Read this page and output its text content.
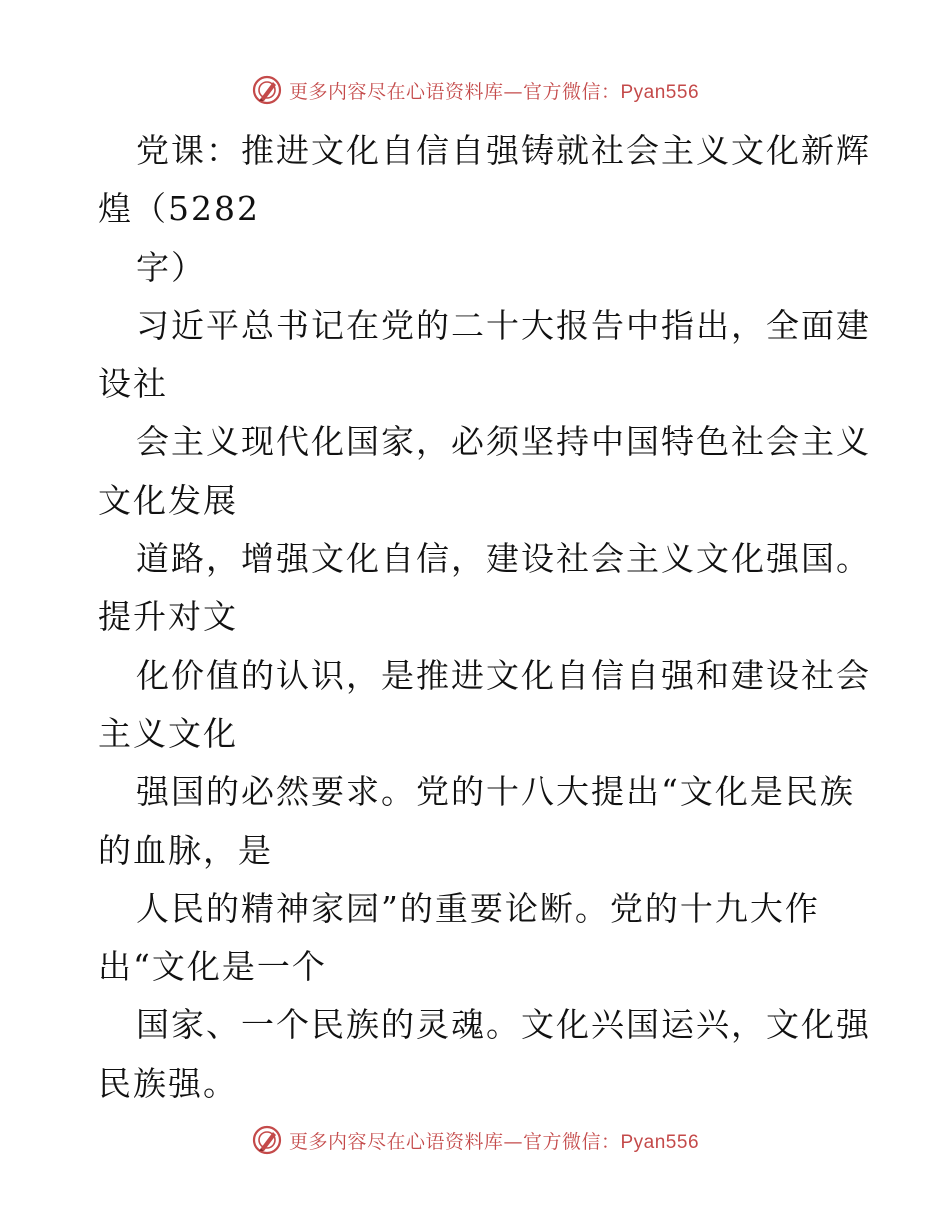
更多内容尽在心语资料库—官方微信：Pyan556
党课：推进文化自信自强铸就社会主义文化新辉
煌（5282
字）
习近平总书记在党的二十大报告中指出，全面建
设社
会主义现代化国家，必须坚持中国特色社会主义
文化发展
道路，增强文化自信，建设社会主义文化强国。
提升对文
化价值的认识，是推进文化自信自强和建设社会
主义文化
强国的必然要求。党的十八大提出“文化是民族
的血脉，是
人民的精神家园”的重要论断。党的十九大作
出“文化是一个
国家、一个民族的灵魂。文化兴国运兴，文化强
民族强。
更多内容尽在心语资料库—官方微信：Pyan556
